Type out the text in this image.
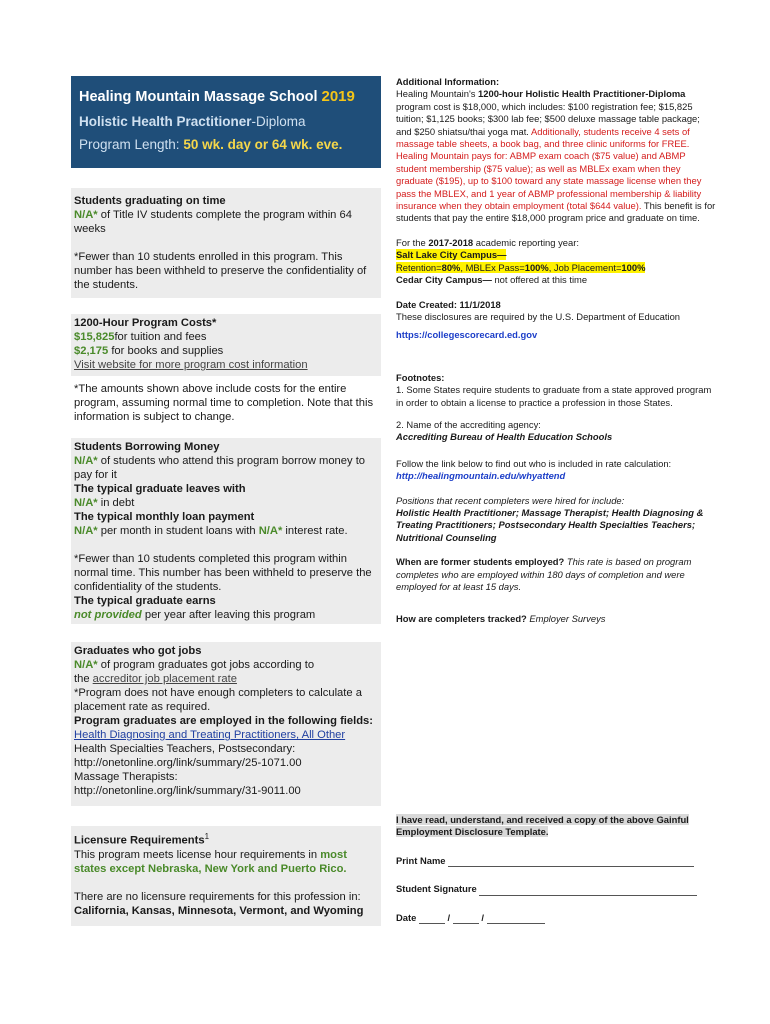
Healing Mountain Massage School 2019
Holistic Health Practitioner-Diploma
Program Length: 50 wk. day or 64 wk. eve.
Students graduating on time
N/A* of Title IV students complete the program within 64 weeks
*Fewer than 10 students enrolled in this program. This number has been withheld to preserve the confidentiality of the students.
1200-Hour Program Costs*
$15,825for tuition and fees
$2,175 for books and supplies
Visit website for more program cost information
*The amounts shown above include costs for the entire program, assuming normal time to completion. Note that this information is subject to change.
Students Borrowing Money
N/A* of students who attend this program borrow money to pay for it
The typical graduate leaves with
N/A* in debt
The typical monthly loan payment
N/A* per month in student loans with N/A* interest rate.
*Fewer than 10 students completed this program within normal time. This number has been withheld to preserve the confidentiality of the students.
The typical graduate earns
not provided per year after leaving this program
Graduates who got jobs
N/A* of program graduates got jobs according to
the accreditor job placement rate
*Program does not have enough completers to calculate a placement rate as required.
Program graduates are employed in the following fields:
Health Diagnosing and Treating Practitioners, All Other
Health Specialties Teachers, Postsecondary:
http://onetonline.org/link/summary/25-1071.00
Massage Therapists:
http://onetonline.org/link/summary/31-9011.00
Licensure Requirements$^1$
This program meets license hour requirements in most states except Nebraska, New York and Puerto Rico.
There are no licensure requirements for this profession in:
California, Kansas, Minnesota, Vermont, and Wyoming
Additional Information:
Healing Mountain's 1200-hour Holistic Health Practitioner-Diploma program cost is $18,000, which includes: $100 registration fee; $15,825 tuition; $1,125 books; $300 lab fee; $500 deluxe massage table package; and $250 shiatsu/thai yoga mat. Additionally, students receive 4 sets of massage table sheets, a book bag, and three clinic uniforms for FREE. Healing Mountain pays for: ABMP exam coach ($75 value) and ABMP student membership ($75 value); as well as MBLEx exam when they graduate ($195), up to $100 toward any state massage license when they pass the MBLEX, and 1 year of ABMP professional membership & liability insurance when they obtain employment (total $644 value). This benefit is for students that pay the entire $18,000 program price and graduate on time.
For the 2017-2018 academic reporting year:
Salt Lake City Campus—
Retention=80%, MBLEx Pass=100%, Job Placement=100%
Cedar City Campus— not offered at this time
Date Created: 11/1/2018
These disclosures are required by the U.S. Department of Education
https://collegescorecard.ed.gov
Footnotes:
1. Some States require students to graduate from a state approved program in order to obtain a license to practice a profession in those States.
2. Name of the accrediting agency:
Accrediting Bureau of Health Education Schools
Follow the link below to find out who is included in rate calculation:
http://healingmountain.edu/whyattend
Positions that recent completers were hired for include:
Holistic Health Practitioner; Massage Therapist; Health Diagnosing & Treating Practitioners; Postsecondary Health Specialties Teachers; Nutritional Counseling
When are former students employed? This rate is based on program completes who are employed within 180 days of completion and were employed for at least 15 days.
How are completers tracked? Employer Surveys
I have read, understand, and received a copy of the above Gainful Employment Disclosure Template.
Print Name
Student Signature
Date	/	/
